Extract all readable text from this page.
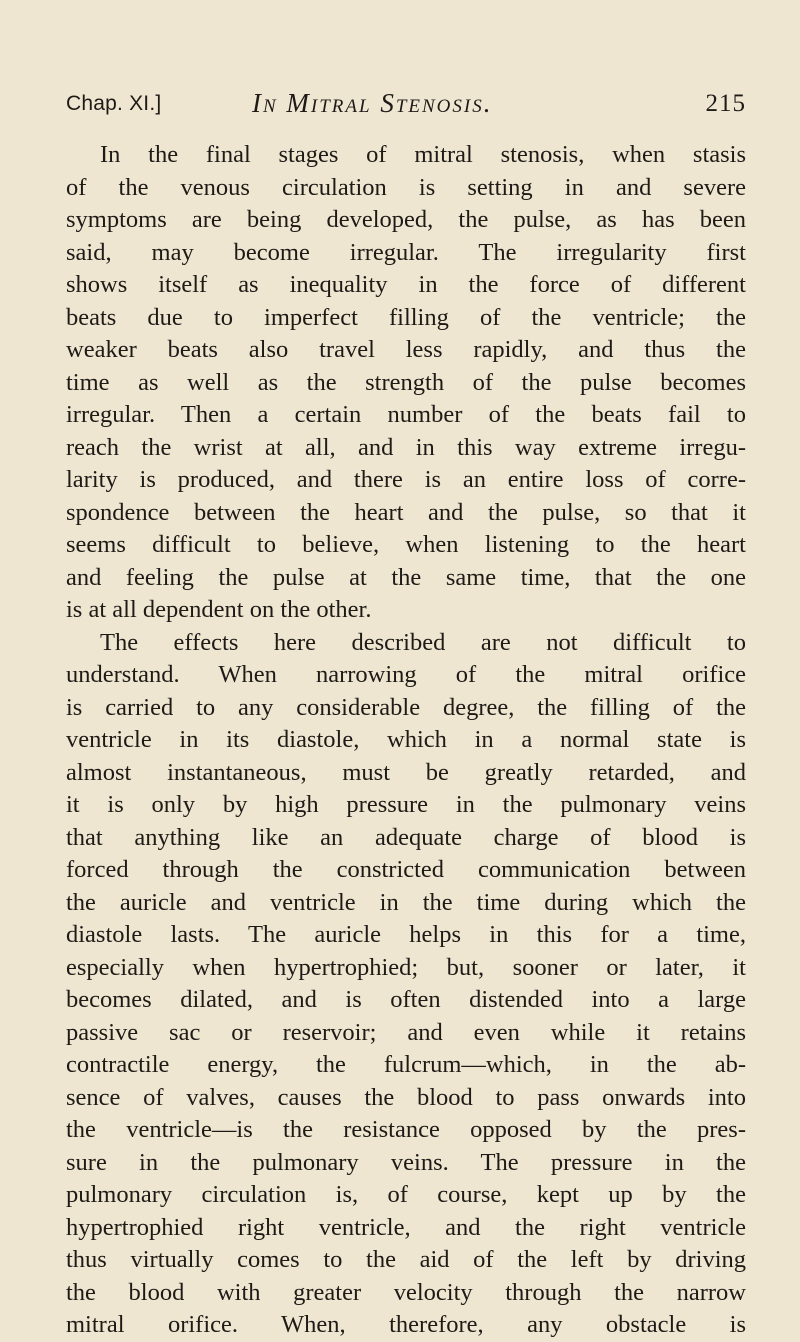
Chap. XI.]	In Mitral Stenosis.	215
In the final stages of mitral stenosis, when stasis
of the venous circulation is setting in and severe
symptoms are being developed, the pulse, as has been
said, may become irregular. The irregularity first
shows itself as inequality in the force of different
beats due to imperfect filling of the ventricle; the
weaker beats also travel less rapidly, and thus the
time as well as the strength of the pulse becomes
irregular. Then a certain number of the beats fail to
reach the wrist at all, and in this way extreme irregu-
larity is produced, and there is an entire loss of corre-
spondence between the heart and the pulse, so that it
seems difficult to believe, when listening to the heart
and feeling the pulse at the same time, that the one
is at all dependent on the other.
The effects here described are not difficult to
understand. When narrowing of the mitral orifice
is carried to any considerable degree, the filling of the
ventricle in its diastole, which in a normal state is
almost instantaneous, must be greatly retarded, and
it is only by high pressure in the pulmonary veins
that anything like an adequate charge of blood is
forced through the constricted communication between
the auricle and ventricle in the time during which the
diastole lasts. The auricle helps in this for a time,
especially when hypertrophied; but, sooner or later, it
becomes dilated, and is often distended into a large
passive sac or reservoir; and even while it retains
contractile energy, the fulcrum—which, in the ab-
sence of valves, causes the blood to pass onwards into
the ventricle—is the resistance opposed by the pres-
sure in the pulmonary veins. The pressure in the
pulmonary circulation is, of course, kept up by the
hypertrophied right ventricle, and the right ventricle
thus virtually comes to the aid of the left by driving
the blood with greater velocity through the narrow
mitral orifice. When, therefore, any obstacle is
